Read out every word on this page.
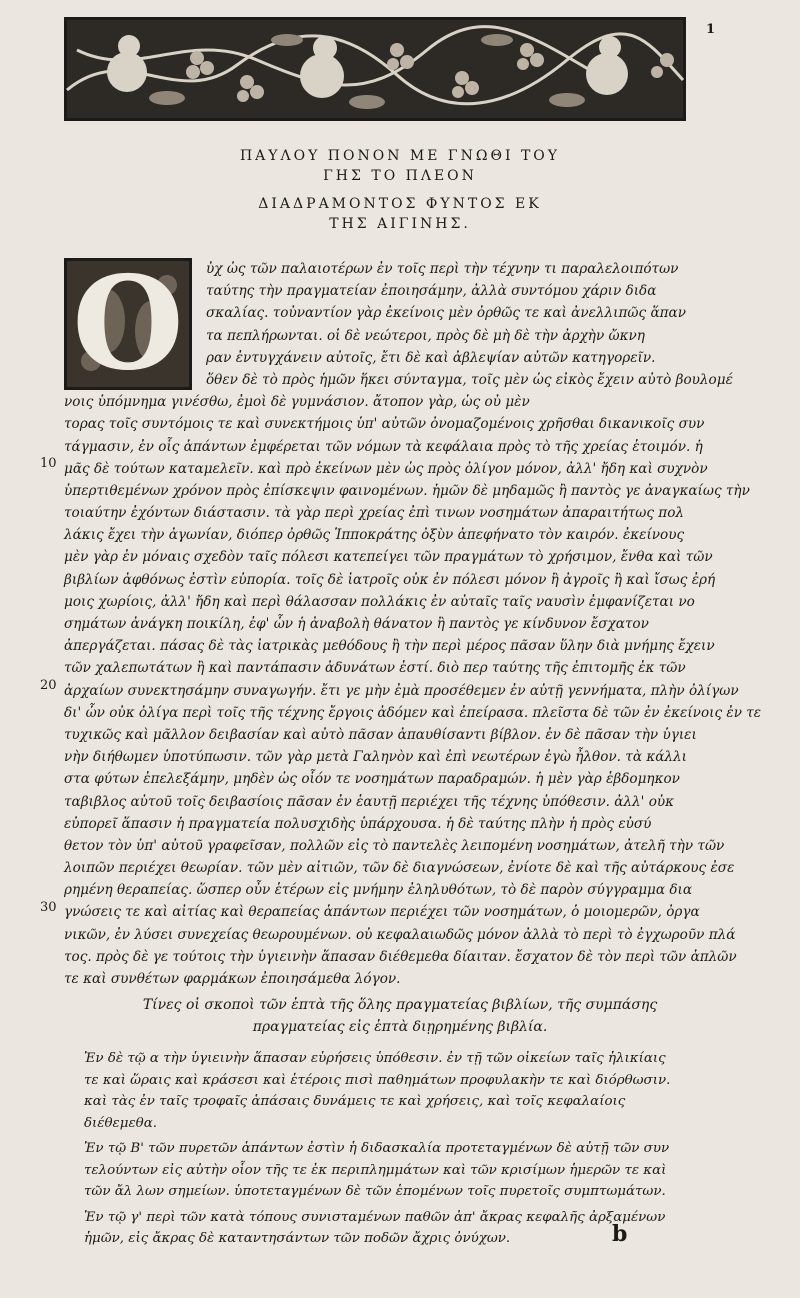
1
ΠΑΥΛΟΥ ΠΟΝΟΝ ΜΕ ΓΝΩΘΙ ΤΟΥ
ΓΗΣ ΤΟ ΠΛΕΟΝ
ΔΙΑΔΡΑΜΟΝΤΟΣ ΦΥΝΤΟΣ ΕΚ
ΤΗΣ ΑΙΓΙΝΗΣ.
O	ὐχ ὡς τῶν παλαιοτέρων ἐν τοῖς περὶ τὴν τέχνην τι παραλελοιπότων
ταύτης τὴν πραγματείαν ἐποιησάμην, ἀλλὰ συντόμου χάριν διδα
σκαλίας. τοὐναντίον γὰρ ἐκείνοις μὲν ὀρθῶς τε καὶ ἀνελλιπῶς ἅπαν
τα πεπλήρωνται. οἱ δὲ νεώτεροι, πρὸς δὲ μὴ δὲ τὴν ἀρχὴν ὤκνη
ραν ἐντυγχάνειν αὐτοῖς, ἔτι δὲ καὶ ἀβλεψίαν αὐτῶν κατηγορεῖν.
ὅθεν δὲ τὸ πρὸς ἡμῶν ἥκει σύνταγμα, τοῖς μὲν ὡς εἰκὸς ἔχειν αὐτὸ βουλομέ
νοις ὑπόμνημα γινέσθω, ἐμοὶ δὲ γυμνάσιον. ἄτοπον γὰρ, ὡς οὐ μὲν
τορας τοῖς συντόμοις τε καὶ συνεκτήμοις ὑπ' αὐτῶν ὀνομαζομένοις χρῆσθαι δικανικοῖς συν
τάγμασιν, ἐν οἷς ἁπάντων ἐμφέρεται τῶν νόμων τὰ κεφάλαια πρὸς τὸ τῆς χρείας ἑτοιμόν. ἡ
μᾶς δὲ τούτων καταμελεῖν. καὶ πρὸ ἐκείνων μὲν ὡς πρὸς ὀλίγον μόνον, ἀλλ' ἤδη καὶ συχνὸν
ὑπερτιθεμένων χρόνον πρὸς ἐπίσκεψιν φαινομένων. ἡμῶν δὲ μηδαμῶς ἢ παντὸς γε ἀναγκαίως τὴν
τοιαύτην ἐχόντων διάστασιν. τὰ γὰρ περὶ χρείας ἐπὶ τινων νοσημάτων ἀπαραιτήτως πολ
λάκις ἔχει τὴν ἀγωνίαν, διόπερ ὀρθῶς Ἱπποκράτης ὀξὺν ἀπεφήνατο τὸν καιρόν. ἐκείνους
μὲν γὰρ ἐν μόναις σχεδὸν ταῖς πόλεσι κατεπείγει τῶν πραγμάτων τὸ χρήσιμον, ἔνθα καὶ τῶν
βιβλίων ἀφθόνως ἐστὶν εὐπορία. τοῖς δὲ ἰατροῖς οὐκ ἐν πόλεσι μόνον ἢ ἀγροῖς ἢ καὶ ἴσως ἐρή
μοις χωρίοις, ἀλλ' ἤδη καὶ περὶ θάλασσαν πολλάκις ἐν αὐταῖς ταῖς ναυσὶν ἐμφανίζεται νο
σημάτων ἀνάγκη ποικίλη, ἐφ' ὧν ἡ ἀναβολὴ θάνατον ἢ παντὸς γε κίνδυνον ἔσχατον
ἀπεργάζεται. πάσας δὲ τὰς ἰατρικὰς μεθόδους ἢ τὴν περὶ μέρος πᾶσαν ὕλην διὰ μνήμης ἔχειν
τῶν χαλεπωτάτων ἢ καὶ παντάπασιν ἀδυνάτων ἐστί. διὸ περ ταύτης τῆς ἐπιτομῆς ἐκ τῶν
ἀρχαίων συνεκτησάμην συναγωγήν. ἔτι γε μὴν ἐμὰ προσέθεμεν ἐν αὐτῇ γεννήματα, πλὴν ὀλίγων
δι' ὧν οὐκ ὀλίγα περὶ τοῖς τῆς τέχνης ἔργοις ἀδόμεν καὶ ἐπείρασα. πλεῖστα δὲ τῶν ἐν ἐκείνοις ἐν τε
τυχικῶς καὶ μᾶλλον δειβασίαν καὶ αὐτὸ πᾶσαν ἀπαυθίσαντι βίβλον. ἐν δὲ πᾶσαν τὴν ὑγιει
νὴν διήθωμεν ὑποτύπωσιν. τῶν γὰρ μετὰ Γαληνὸν καὶ ἐπὶ νεωτέρων ἐγὼ ἦλθον. τὰ κάλλι
στα φύτων ἐπελεξάμην, μηδὲν ὡς οἷόν τε νοσημάτων παραδραμών. ἡ μὲν γὰρ ἑβδομηκον
ταβιβλος αὐτοῦ τοῖς δειβασίοις πᾶσαν ἐν ἑαυτῇ περιέχει τῆς τέχνης ὑπόθεσιν. ἀλλ' οὐκ
εὐπορεῖ ἅπασιν ἡ πραγματεία πολυσχιδὴς ὑπάρχουσα. ἡ δὲ ταύτης πλὴν ἡ πρὸς εὐσύ
θετον τὸν ὑπ' αὐτοῦ γραφεῖσαν, πολλῶν εἰς τὸ παντελὲς λειπομένη νοσημάτων, ἀτελῆ τὴν τῶν
λοιπῶν περιέχει θεωρίαν. τῶν μὲν αἰτιῶν, τῶν δὲ διαγνώσεων, ἐνίοτε δὲ καὶ τῆς αὐτάρκους ἐσε
ρημένη θεραπείας. ὥσπερ οὖν ἑτέρων εἰς μνήμην ἐληλυθότων, τὸ δὲ παρὸν σύγγραμμα δια
γνώσεις τε καὶ αἰτίας καὶ θεραπείας ἁπάντων περιέχει τῶν νοσημάτων, ὁ μοιομερῶν, ὀργα
νικῶν, ἐν λύσει συνεχείας θεωρουμένων. οὐ κεφαλαιωδῶς μόνον ἀλλὰ τὸ περὶ τὸ ἐγχωροῦν πλά
τος. πρὸς δὲ γε τούτοις τὴν ὑγιεινὴν ἅπασαν διέθεμεθα δίαιταν. ἔσχατον δὲ τὸν περὶ τῶν ἁπλῶν
τε καὶ συνθέτων φαρμάκων ἐποιησάμεθα λόγον.
10
20
30
Τίνες οἱ σκοποὶ τῶν ἑπτὰ τῆς ὅλης πραγματείας βιβλίων, τῆς συμπάσης
πραγματείας εἰς ἑπτὰ διῃρημένης βιβλία.

Ἐν δὲ τῷ α τὴν ὑγιεινὴν ἅπασαν εὑρήσεις ὑπόθεσιν. ἐν τῇ τῶν οἰκείων ταῖς ἡλικίαις τε καὶ ὥραις καὶ κράσεσι καὶ ἑτέροις πισὶ παθημάτων προφυλακὴν τε καὶ διόρθωσιν. καὶ τὰς ἐν ταῖς τροφαῖς ἁπάσαις δυνάμεις τε καὶ χρήσεις, καὶ τοῖς κεφαλαίοις διέθεμεθα.

Ἐν τῷ Β' τῶν πυρετῶν ἁπάντων ἐστὶν ἡ διδασκαλία προτεταγμένων δὲ αὐτῇ τῶν συν τελούντων εἰς αὐτὴν οἷον τῆς τε ἐκ περιπλημμάτων καὶ τῶν κρισίμων ἡμερῶν τε καὶ τῶν ἄλ λων σημείων. ὑποτεταγμένων δὲ τῶν ἑπομένων τοῖς πυρετοῖς συμπτωμάτων.

Ἐν τῷ γ' περὶ τῶν κατὰ τόπους συνισταμένων παθῶν ἀπ' ἄκρας κεφαλῆς ἀρξαμένων ἡμῶν, εἰς ἄκρας δὲ καταντησάντων τῶν ποδῶν ἄχρις ὀνύχων.	b
